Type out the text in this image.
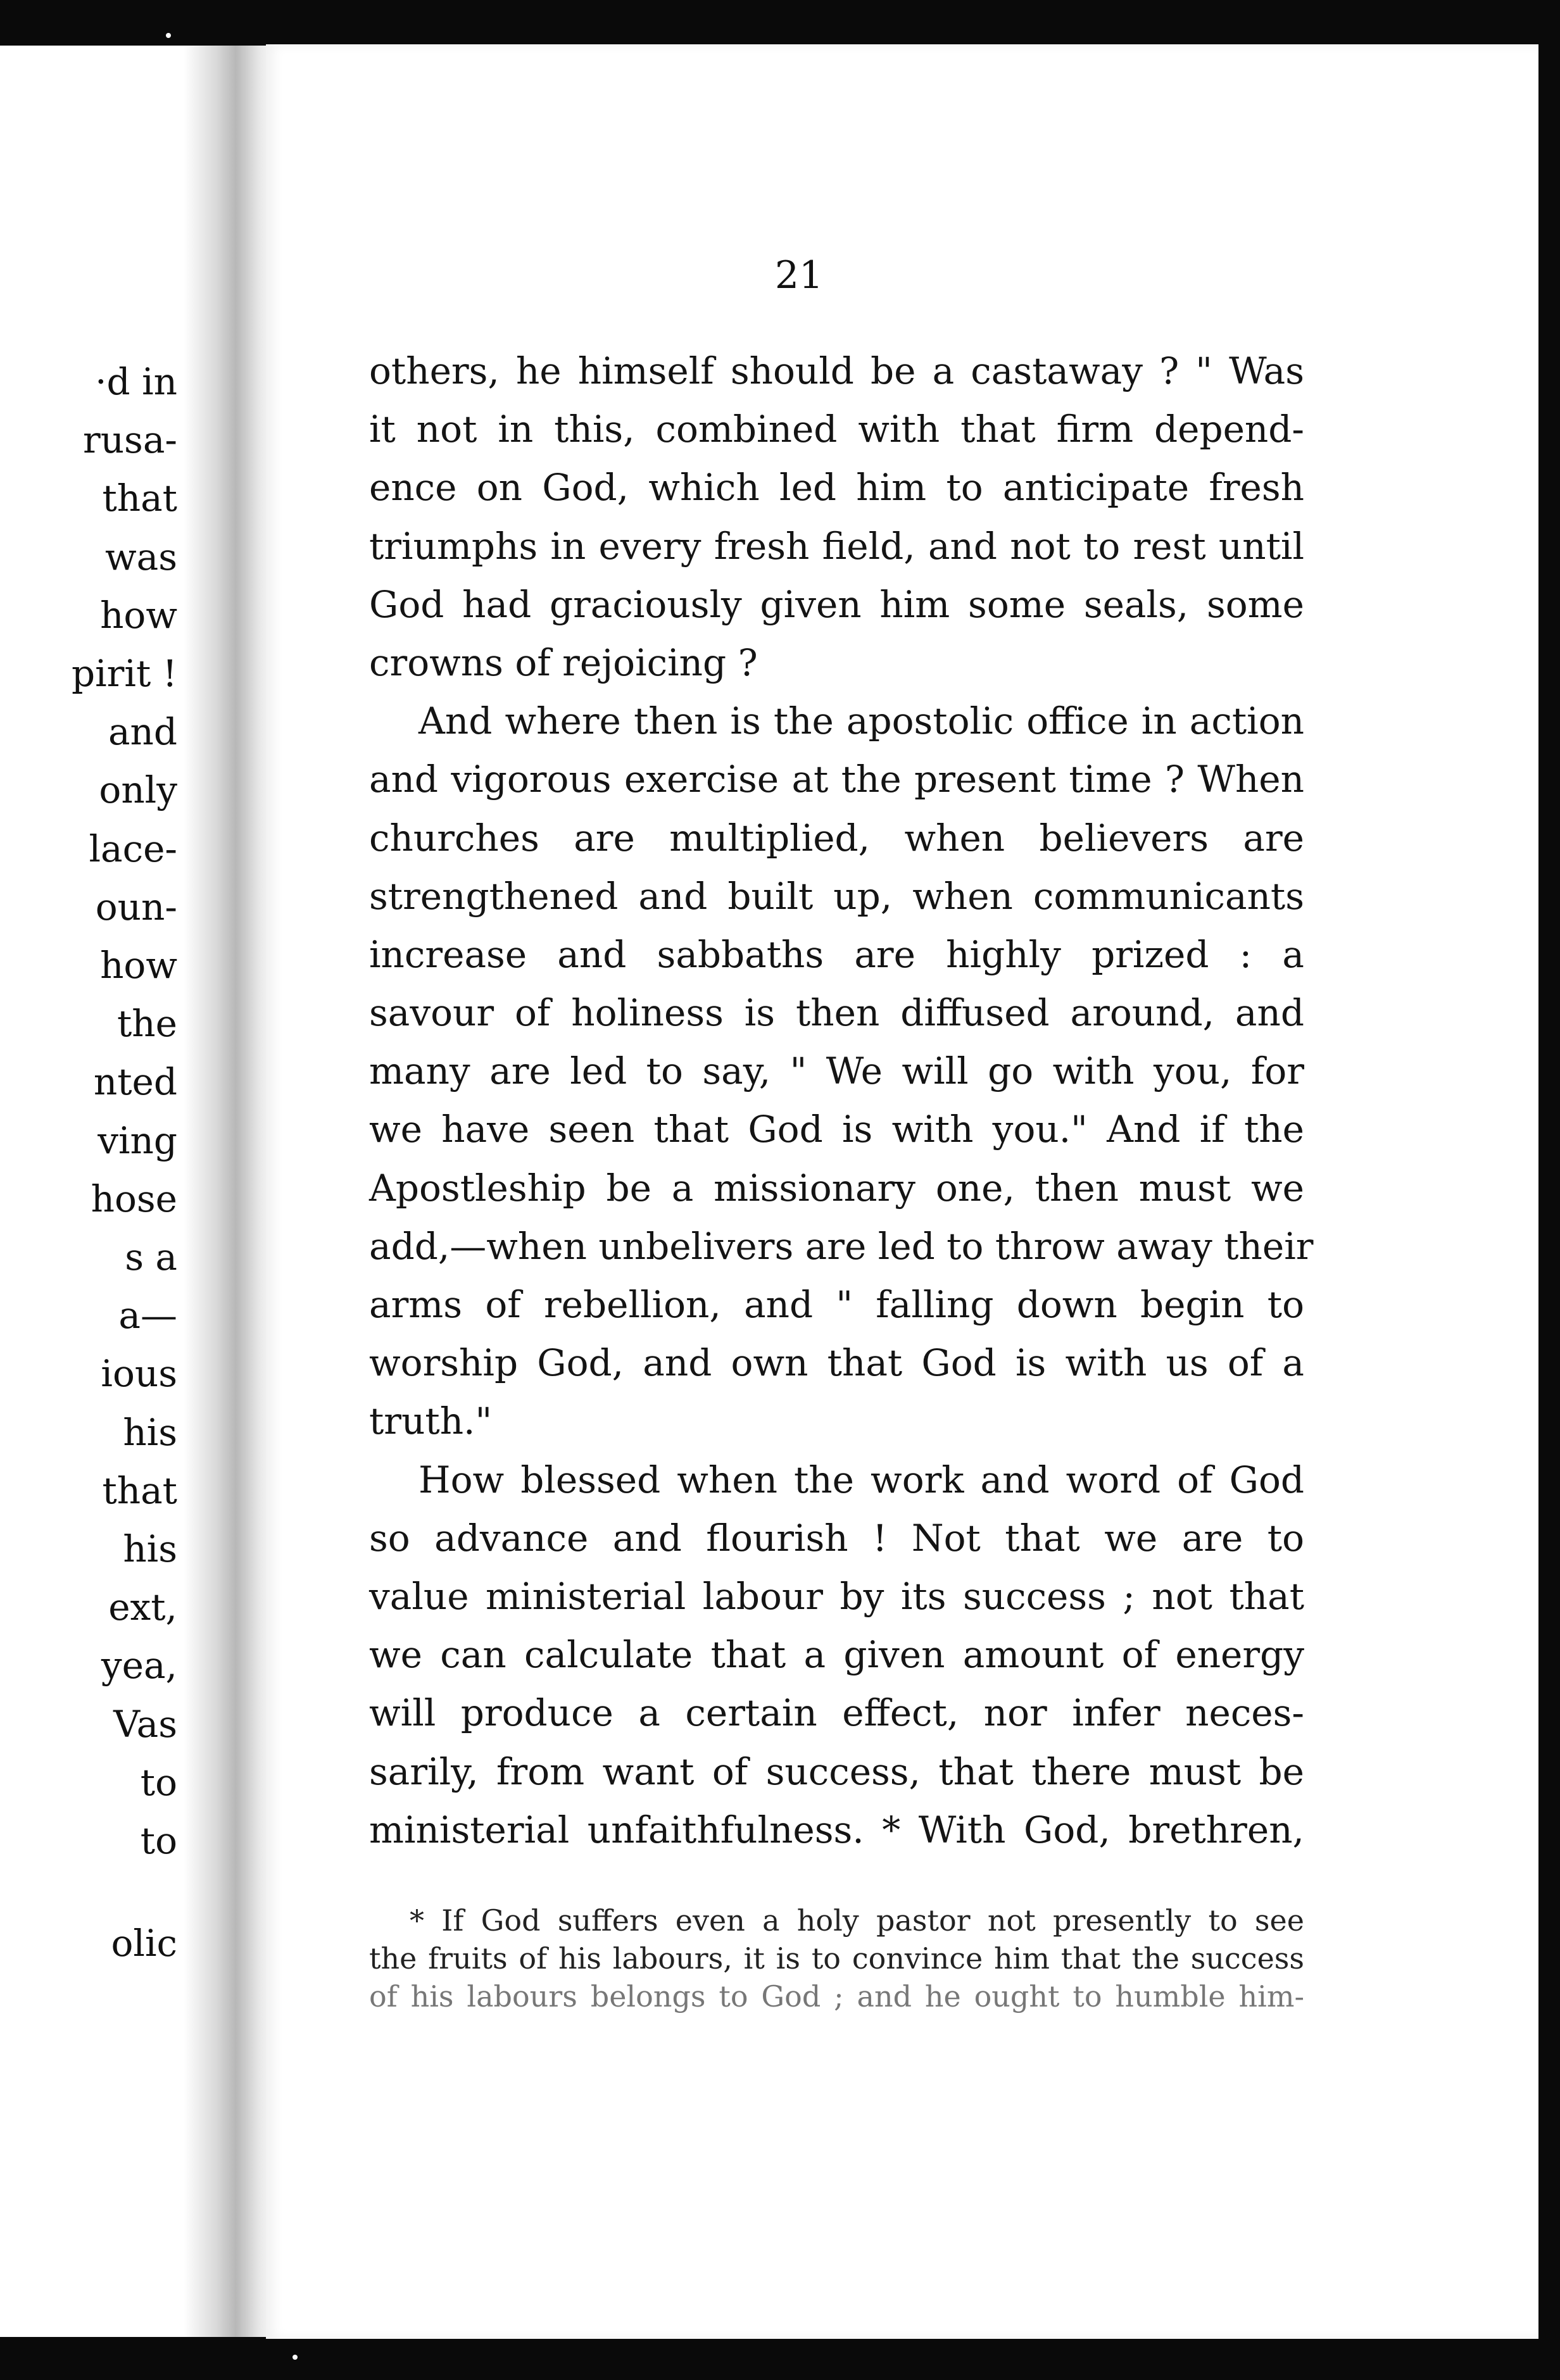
·d in
rusa-
that
was
how
pirit !
and
only
lace-
oun-
how
the
nted
ving
hose
s a
a—
ious
his
that
his
ext,
yea,
Vas
to
to
olic
21
others, he himself should be a castaway ? " Was
it not in this, combined with that firm depend-
ence on God, which led him to anticipate fresh
triumphs in every fresh field, and not to rest until
God had graciously given him some seals, some
crowns of rejoicing ?
And where then is the apostolic office in action
and vigorous exercise at the present time ? When
churches are multiplied, when believers are
strengthened and built up, when communicants
increase and sabbaths are highly prized : a
savour of holiness is then diffused around, and
many are led to say, " We will go with you, for
we have seen that God is with you." And if the
Apostleship be a missionary one, then must we
add,—when unbelivers are led to throw away their
arms of rebellion, and " falling down begin to
worship God, and own that God is with us of a
truth."
How blessed when the work and word of God
so advance and flourish ! Not that we are to
value ministerial labour by its success ; not that
we can calculate that a given amount of energy
will produce a certain effect, nor infer neces-
sarily, from want of success, that there must be
ministerial unfaithfulness. * With God, brethren,
* If God suffers even a holy pastor not presently to see
the fruits of his labours, it is to convince him that the success
of his labours belongs to God ; and he ought to humble him-
